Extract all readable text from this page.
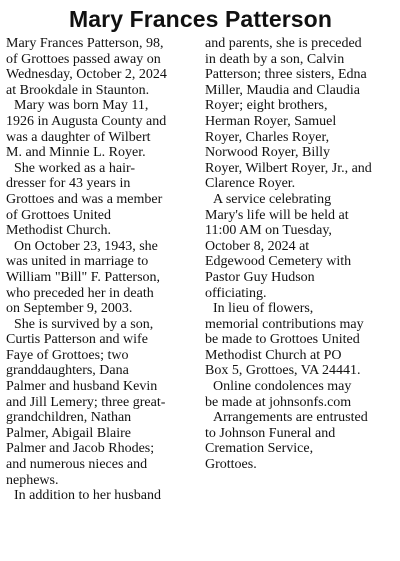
Mary Frances Patterson

Mary Frances Patterson, 98,
of Grottoes passed away on
Wednesday, October 2, 2024
at Brookdale in Staunton.

Mary was born May 11,
1926 in Augusta County and
was a daughter of Wilbert
M. and Minnie L. Royer.

She worked as a hair-
dresser for 43 years in
Grottoes and was a member
of Grottoes United
Methodist Church.

On October 23, 1943, she
was united in marriage to
William "Bill" F. Patterson,
who preceded her in death
on September 9, 2003.

She is survived by a son,
Curtis Patterson and wife
Faye of Grottoes; two
granddaughters, Dana
Palmer and husband Kevin
and Jill Lemery; three great-
grandchildren, Nathan
Palmer, Abigail Blaire
Palmer and Jacob Rhodes;
and numerous nieces and
nephews.

In addition to her husband

and parents, she is preceded
in death by a son, Calvin
Patterson; three sisters, Edna
Miller, Maudia and Claudia
Royer; eight brothers,
Herman Royer, Samuel
Royer, Charles Royer,
Norwood Royer, Billy
Royer, Wilbert Royer, Jr., and
Clarence Royer.

A service celebrating
Mary's life will be held at
11:00 AM on Tuesday,
October 8, 2024 at
Edgewood Cemetery with
Pastor Guy Hudson
officiating.

In lieu of flowers,
memorial contributions may
be made to Grottoes United
Methodist Church at PO
Box 5, Grottoes, VA 24441.

Online condolences may
be made at johnsonfs.com

Arrangements are entrusted
to Johnson Funeral and
Cremation Service,
Grottoes.
